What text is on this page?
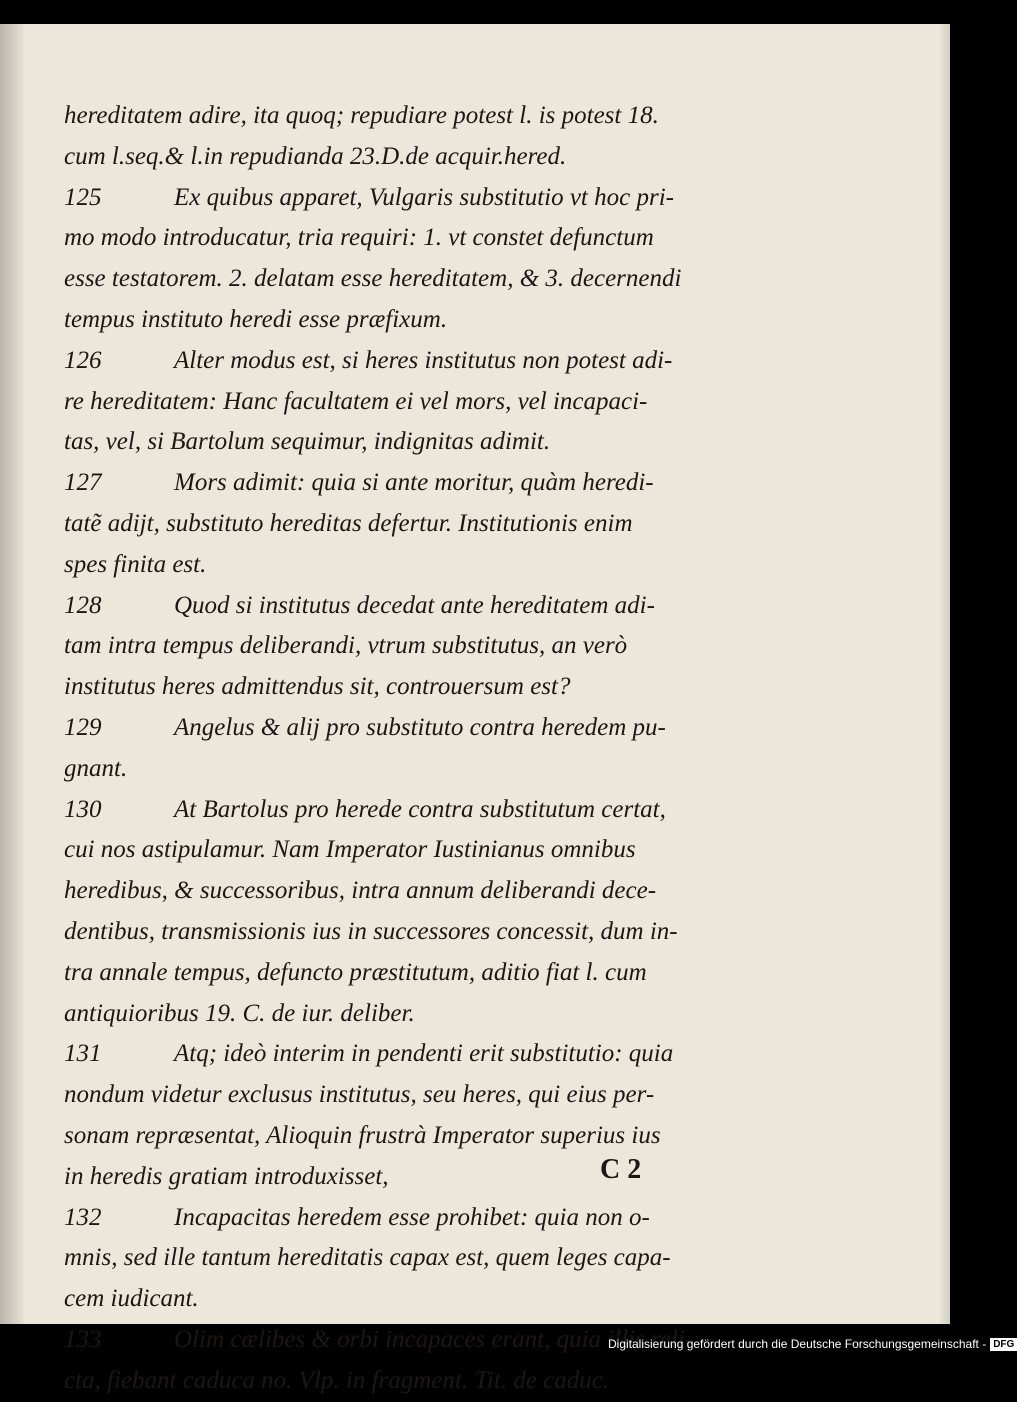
hereditatem adire, ita quoq; repudiare potest l. is potest 18.
cum l.seq.& l.in repudianda 23.D.de acquir.hered.
125	Ex quibus apparet, Vulgaris substitutio vt hoc pri-
mo modo introducatur, tria requiri: 1. vt constet defunctum
esse testatorem. 2. delatam esse hereditatem, & 3. decernendi
tempus instituto heredi esse præfixum.
126	Alter modus est, si heres institutus non potest adi-
re hereditatem: Hanc facultatem ei vel mors, vel incapaci-
tas, vel, si Bartolum sequimur, indignitas adimit.
127	Mors adimit: quia si ante moritur, quàm heredi-
tatẽ adijt, substituto hereditas defertur. Institutionis enim
spes finita est.
128	Quod si institutus decedat ante hereditatem adi-
tam intra tempus deliberandi, vtrum substitutus, an verò
institutus heres admittendus sit, controuersum est?
129	Angelus & alij pro substituto contra heredem pu-
gnant.
130	At Bartolus pro herede contra substitutum certat,
cui nos astipulamur. Nam Imperator Iustinianus omnibus
heredibus, & successoribus, intra annum deliberandi dece-
dentibus, transmissionis ius in successores concessit, dum in-
tra annale tempus, defuncto præstitutum, aditio fiat l. cum
antiquioribus 19. C. de iur. deliber.
131	Atq; ideò interim in pendenti erit substitutio: quia
nondum videtur exclusus institutus, seu heres, qui eius per-
sonam repræsentat, Alioquin frustrà Imperator superius ius
in heredis gratiam introduxisset,
132	Incapacitas heredem esse prohibet: quia non o-
mnis, sed ille tantum hereditatis capax est, quem leges capa-
cem iudicant.
133	Olim cælibes & orbi incapaces erant, quia illis reli-
cta, fiebant caduca no. Vlp. in fragment. Tit. de caduc.
C 2
Digitalisierung gefördert durch die Deutsche Forschungsgemeinschaft - DFG
